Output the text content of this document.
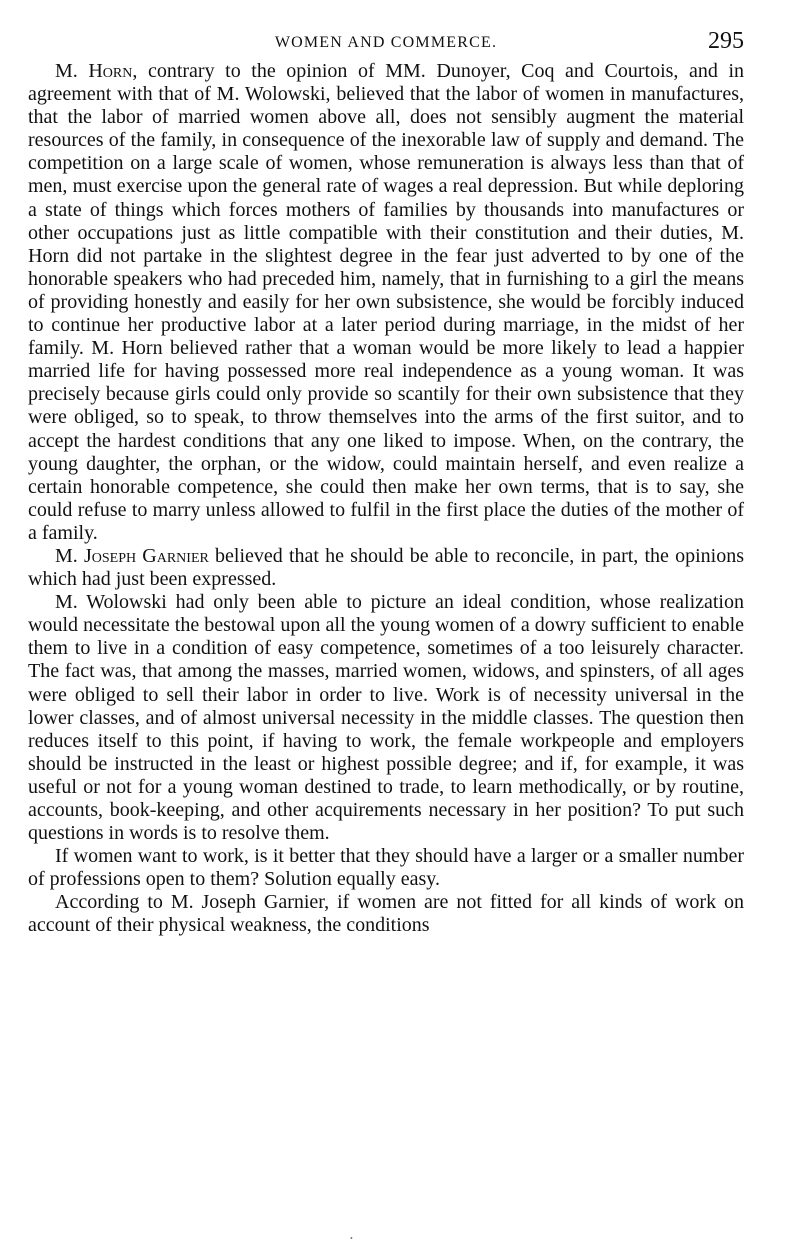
WOMEN AND COMMERCE.	295

M. Horn, contrary to the opinion of MM. Dunoyer, Coq and Courtois, and in agreement with that of M. Wolowski, believed that the labor of women in manufactures, that the labor of married women above all, does not sensibly augment the material resources of the family, in consequence of the inexorable law of supply and demand. The competition on a large scale of women, whose remuneration is always less than that of men, must exercise upon the general rate of wages a real depression. But while deploring a state of things which forces mothers of families by thousands into manufactures or other occupations just as little compatible with their constitution and their duties, M. Horn did not partake in the slightest degree in the fear just adverted to by one of the honorable speakers who had preceded him, namely, that in furnishing to a girl the means of providing honestly and easily for her own subsistence, she would be forcibly induced to continue her productive labor at a later period during marriage, in the midst of her family. M. Horn believed rather that a woman would be more likely to lead a happier married life for having possessed more real independence as a young woman. It was precisely because girls could only provide so scantily for their own subsistence that they were obliged, so to speak, to throw themselves into the arms of the first suitor, and to accept the hardest conditions that any one liked to impose. When, on the contrary, the young daughter, the orphan, or the widow, could maintain herself, and even realize a certain honorable competence, she could then make her own terms, that is to say, she could refuse to marry unless allowed to fulfil in the first place the duties of the mother of a family.

M. Joseph Garnier believed that he should be able to reconcile, in part, the opinions which had just been expressed.

M. Wolowski had only been able to picture an ideal condition, whose realization would necessitate the bestowal upon all the young women of a dowry sufficient to enable them to live in a condition of easy competence, sometimes of a too leisurely character. The fact was, that among the masses, married women, widows, and spinsters, of all ages were obliged to sell their labor in order to live. Work is of necessity universal in the lower classes, and of almost universal necessity in the middle classes. The question then reduces itself to this point, if having to work, the female workpeople and employers should be instructed in the least or highest possible degree; and if, for example, it was useful or not for a young woman destined to trade, to learn methodically, or by routine, accounts, book-keeping, and other acquirements necessary in her position? To put such questions in words is to resolve them.

If women want to work, is it better that they should have a larger or a smaller number of professions open to them? Solution equally easy.

According to M. Joseph Garnier, if women are not fitted for all kinds of work on account of their physical weakness, the conditions

•
